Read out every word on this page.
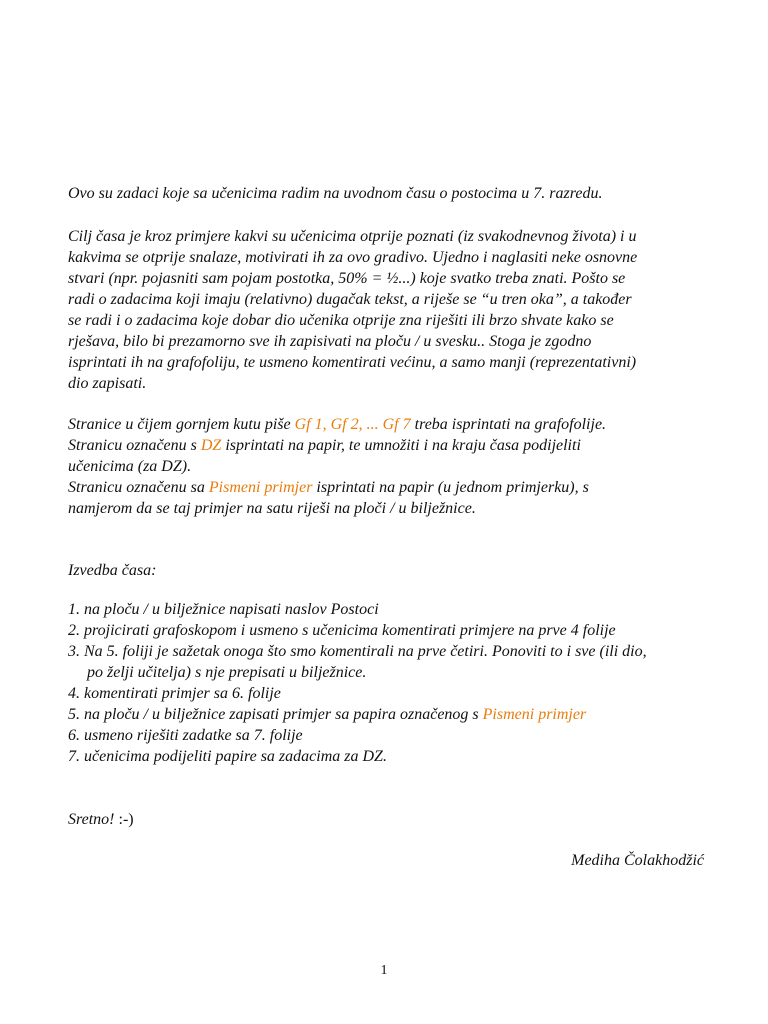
Ovo su zadaci koje sa učenicima radim na uvodnom času o postocima u 7. razredu.

Cilj časa je kroz primjere kakvi su učenicima otprije poznati (iz svakodnevnog života) i u
kakvima se otprije snalaze, motivirati ih za ovo gradivo. Ujedno i naglasiti neke osnovne
stvari (npr. pojasniti sam pojam postotka, 50% = ½...) koje svatko treba znati. Pošto se
radi o zadacima koji imaju (relativno) dugačak tekst, a riješe se “u tren oka”, a također
se radi i o zadacima koje dobar dio učenika otprije zna riješiti ili brzo shvate kako se
rješava, bilo bi prezamorno sve ih zapisivati na ploču / u svesku.. Stoga je zgodno
isprintati ih na grafofoliju, te usmeno komentirati većinu, a samo manji (reprezentativni)
dio zapisati.

Stranice u čijem gornjem kutu piše Gf 1, Gf 2, ... Gf 7 treba isprintati na grafofolije.
Stranicu označenu s DZ isprintati na papir, te umnožiti i na kraju časa podijeliti
učenicima (za DZ).
Stranicu označenu sa Pismeni primjer isprintati na papir (u jednom primjerku), s
namjerom da se taj primjer na satu riješi na ploči / u bilježnice.

Izvedba časa:

1. na ploču / u bilježnice napisati naslov Postoci
2. projicirati grafoskopom i usmeno s učenicima komentirati primjere na prve 4 folije
3. Na 5. foliji je sažetak onoga što smo komentirali na prve četiri. Ponoviti to i sve (ili dio,
po želji učitelja) s nje prepisati u bilježnice.
4. komentirati primjer sa 6. folije
5. na ploču / u bilježnice zapisati primjer sa papira označenog s Pismeni primjer
6. usmeno riješiti zadatke sa 7. folije
7. učenicima podijeliti papire sa zadacima za DZ.

Sretno! :-)

Mediha Čolakhodžić

1
